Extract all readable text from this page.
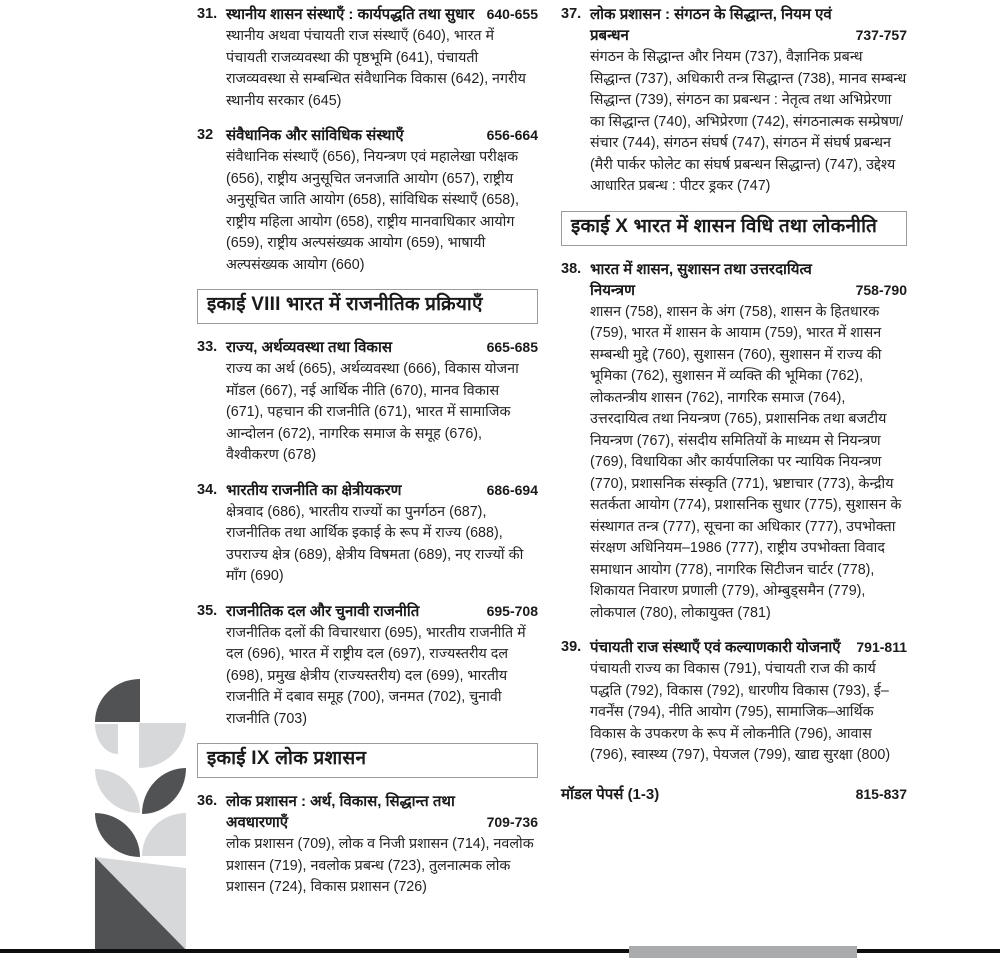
31. स्थानीय शासन संस्थाएँ : कार्यपद्धति तथा सुधार 640-655
स्थानीय अथवा पंचायती राज संस्थाएँ (640), भारत में पंचायती राजव्यवस्था की पृष्ठभूमि (641), पंचायती राजव्यवस्था से सम्बन्धित संवैधानिक विकास (642), नगरीय स्थानीय सरकार (645)
32 संवैधानिक और सांविधिक संस्थाएँ	656-664
संवैधानिक संस्थाएँ (656), नियन्त्रण एवं महालेखा परीक्षक (656), राष्ट्रीय अनुसूचित जनजाति आयोग (657), राष्ट्रीय अनुसूचित जाति आयोग (658), सांविधिक संस्थाएँ (658), राष्ट्रीय महिला आयोग (658), राष्ट्रीय मानवाधिकार आयोग (659), राष्ट्रीय अल्पसंख्यक आयोग (659), भाषायी अल्पसंख्यक आयोग (660)
इकाई VIII भारत में राजनीतिक प्रक्रियाएँ
33. राज्य, अर्थव्यवस्था तथा विकास	665-685
राज्य का अर्थ (665), अर्थव्यवस्था (666), विकास योजना मॉडल (667), नई आर्थिक नीति (670), मानव विकास (671), पहचान की राजनीति (671), भारत में सामाजिक आन्दोलन (672), नागरिक समाज के समूह (676), वैश्वीकरण (678)
34. भारतीय राजनीति का क्षेत्रीयकरण	686-694
क्षेत्रवाद (686), भारतीय राज्यों का पुनर्गठन (687), राजनीतिक तथा आर्थिक इकाई के रूप में राज्य (688), उपराज्य क्षेत्र (689), क्षेत्रीय विषमता (689), नए राज्यों की माँग (690)
35. राजनीतिक दल और चुनावी राजनीति	695-708
राजनीतिक दलों की विचारधारा (695), भारतीय राजनीति में दल (696), भारत में राष्ट्रीय दल (697), राज्यस्तरीय दल (698), प्रमुख क्षेत्रीय (राज्यस्तरीय) दल (699), भारतीय राजनीति में दबाव समूह (700), जनमत (702), चुनावी राजनीति (703)
इकाई IX लोक प्रशासन
36. लोक प्रशासन : अर्थ, विकास, सिद्धान्त तथा अवधारणाएँ	709-736
लोक प्रशासन (709), लोक व निजी प्रशासन (714), नवलोक प्रशासन (719), नवलोक प्रबन्ध (723), तुलनात्मक लोक प्रशासन (724), विकास प्रशासन (726)
37. लोक प्रशासन : संगठन के सिद्धान्त, नियम एवं प्रबन्धन	737-757
संगठन के सिद्धान्त और नियम (737), वैज्ञानिक प्रबन्ध सिद्धान्त (737), अधिकारी तन्त्र सिद्धान्त (738), मानव सम्बन्ध सिद्धान्त (739), संगठन का प्रबन्धन : नेतृत्व तथा अभिप्रेरणा का सिद्धान्त (740), अभिप्रेरणा (742), संगठनात्मक सम्प्रेषण/संचार (744), संगठन संघर्ष (747), संगठन में संघर्ष प्रबन्धन (मैरी पार्कर फोलेट का संघर्ष प्रबन्धन सिद्धान्त) (747), उद्देश्य आधारित प्रबन्ध : पीटर ड्रकर (747)
इकाई X भारत में शासन विधि तथा लोकनीति
38. भारत में शासन, सुशासन तथा उत्तरदायित्व नियन्त्रण	758-790
शासन (758), शासन के अंग (758), शासन के हितधारक (759), भारत में शासन के आयाम (759), भारत में शासन सम्बन्धी मुद्दे (760), सुशासन (760), सुशासन में राज्य की भूमिका (762), सुशासन में व्यक्ति की भूमिका (762), लोकतन्त्रीय शासन (762), नागरिक समाज (764), उत्तरदायित्व तथा नियन्त्रण (765), प्रशासनिक तथा बजटीय नियन्त्रण (767), संसदीय समितियों के माध्यम से नियन्त्रण (769), विधायिका और कार्यपालिका पर न्यायिक नियन्त्रण (770), प्रशासनिक संस्कृति (771), भ्रष्टाचार (773), केन्द्रीय सतर्कता आयोग (774), प्रशासनिक सुधार (775), सुशासन के संस्थागत तन्त्र (777), सूचना का अधिकार (777), उपभोक्ता संरक्षण अधिनियम–1986 (777), राष्ट्रीय उपभोक्ता विवाद समाधान आयोग (778), नागरिक सिटीजन चार्टर (778), शिकायत निवारण प्रणाली (779), ओम्बुड्समैन (779), लोकपाल (780), लोकायुक्त (781)
39. पंचायती राज संस्थाएँ एवं कल्याणकारी योजनाएँ	791-811
पंचायती राज्य का विकास (791), पंचायती राज की कार्य पद्धति (792), विकास (792), धारणीय विकास (793), ई–गवर्नेंस (794), नीति आयोग (795), सामाजिक–आर्थिक विकास के उपकरण के रूप में लोकनीति (796), आवास (796), स्वास्थ्य (797), पेयजल (799), खाद्य सुरक्षा (800)
मॉडल पेपर्स (1-3)	815-837
